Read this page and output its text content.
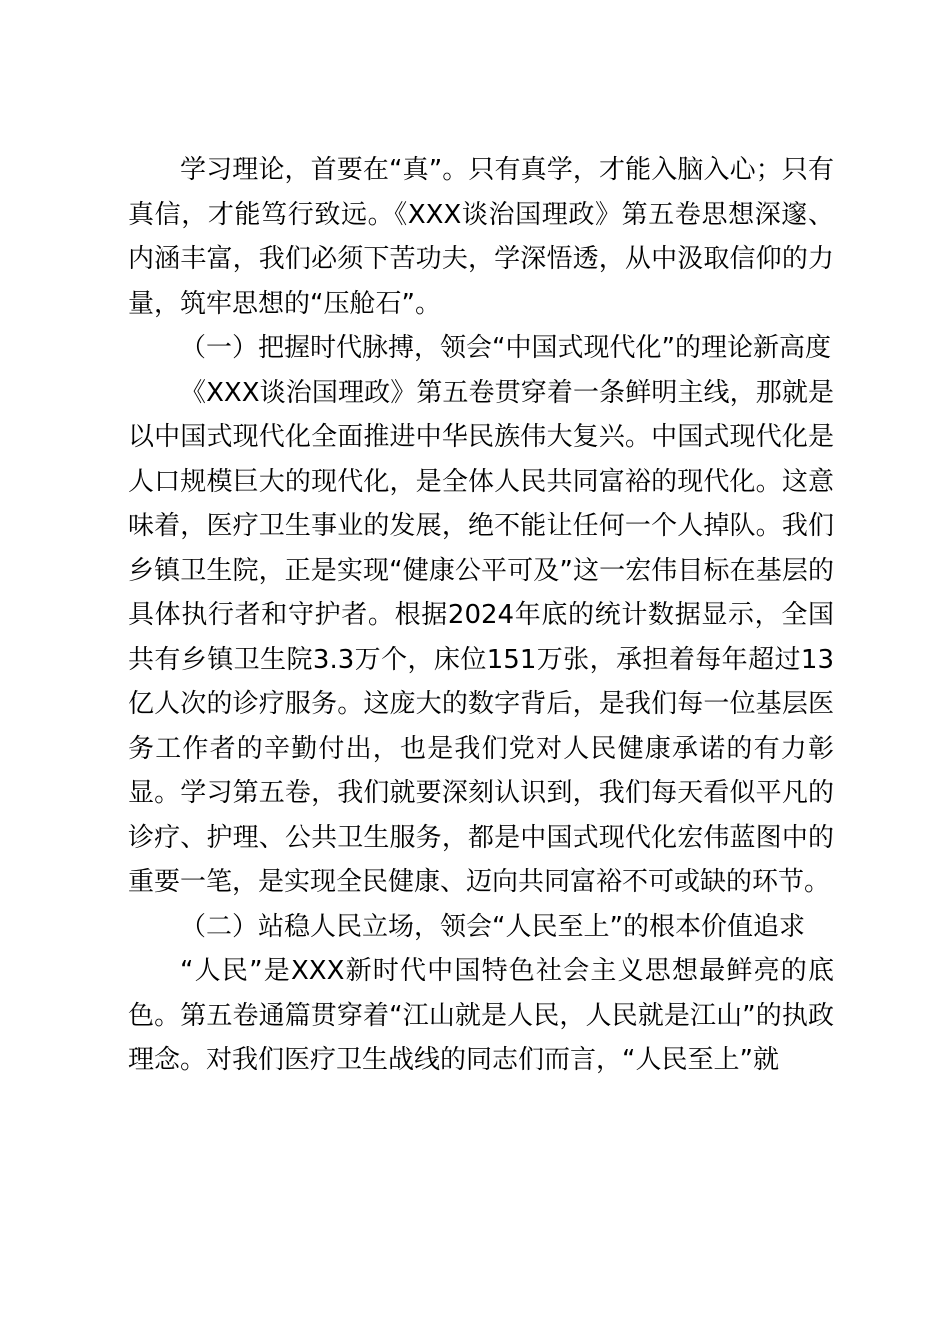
学习理论，首要在“真”。只有真学，才能入脑入心；只有真信，才能笃行致远。《XXX谈治国理政》第五卷思想深邃、内涵丰富，我们必须下苦功夫，学深悟透，从中汲取信仰的力量，筑牢思想的“压舱石”。

（一）把握时代脉搏，领会“中国式现代化”的理论新高度

《XXX谈治国理政》第五卷贯穿着一条鲜明主线，那就是以中国式现代化全面推进中华民族伟大复兴。中国式现代化是人口规模巨大的现代化，是全体人民共同富裕的现代化。这意味着，医疗卫生事业的发展，绝不能让任何一个人掉队。我们乡镇卫生院，正是实现“健康公平可及”这一宏伟目标在基层的具体执行者和守护者。根据2024年底的统计数据显示，全国共有乡镇卫生院3.3万个，床位151万张，承担着每年超过13亿人次的诊疗服务。这庞大的数字背后，是我们每一位基层医务工作者的辛勤付出，也是我们党对人民健康承诺的有力彰显。学习第五卷，我们就要深刻认识到，我们每天看似平凡的诊疗、护理、公共卫生服务，都是中国式现代化宏伟蓝图中的重要一笔，是实现全民健康、迈向共同富裕不可或缺的环节。

（二）站稳人民立场，领会“人民至上”的根本价值追求

“人民”是XXX新时代中国特色社会主义思想最鲜亮的底色。第五卷通篇贯穿着“江山就是人民，人民就是江山”的执政理念。对我们医疗卫生战线的同志们而言，“人民至上”就
